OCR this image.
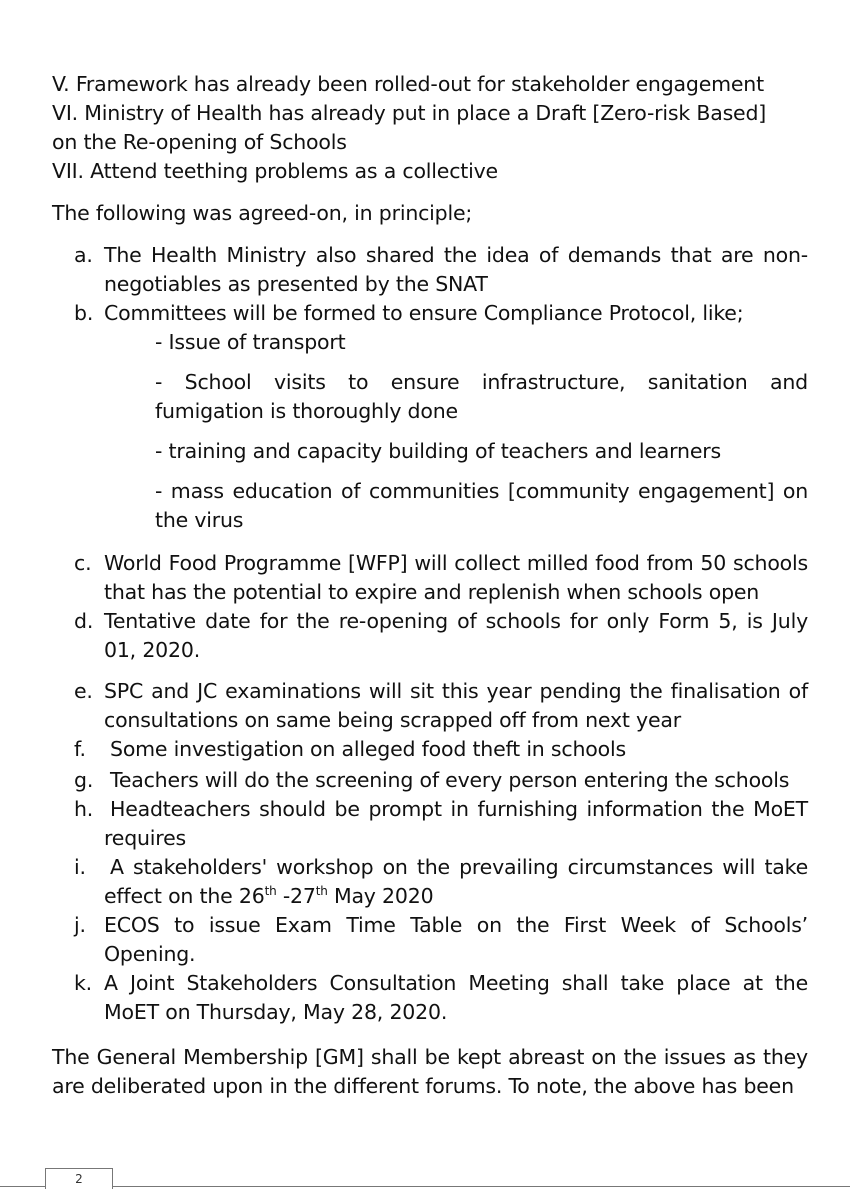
V. Framework has already been rolled-out for stakeholder engagement

VI. Ministry of Health has already put in place a Draft [Zero-risk Based]

on the Re-opening of Schools

VII. Attend teething problems as a collective

The following was agreed-on, in principle;

a. The Health Ministry also shared the idea of demands that are non-negotiables as presented by the SNAT
b. Committees will be formed to ensure Compliance Protocol, like;
- Issue of transport
- School visits to ensure infrastructure, sanitation and fumigation is thoroughly done
- training and capacity building of teachers and learners
- mass education of communities [community engagement] on the virus
c. World Food Programme [WFP] will collect milled food from 50 schools that has the potential to expire and replenish when schools open
d. Tentative date for the re-opening of schools for only Form 5, is July 01, 2020.
e. SPC and JC examinations will sit this year pending the finalisation of consultations on same being scrapped off from next year
f. Some investigation on alleged food theft in schools
g. Teachers will do the screening of every person entering the schools
h. Headteachers should be prompt in furnishing information the MoET requires
i. A stakeholders' workshop on the prevailing circumstances will take effect on the 26th -27th May 2020
j. ECOS to issue Exam Time Table on the First Week of Schools’ Opening.
k. A Joint Stakeholders Consultation Meeting shall take place at the MoET on Thursday, May 28, 2020.

The General Membership [GM] shall be kept abreast on the issues as they are deliberated upon in the different forums. To note, the above has been

2
